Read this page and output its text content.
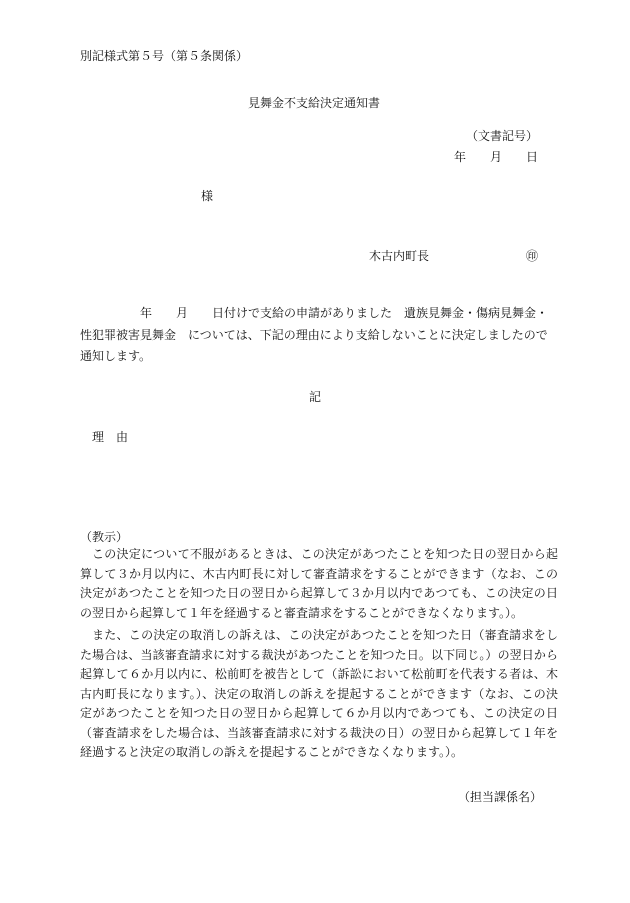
別記様式第５号（第５条関係）
見舞金不支給決定通知書
（文書記号）
年　　月　　日
様
木古内町長	㊞
年　　月　　日付けで支給の申請がありました　遺族見舞金・傷病見舞金・
性犯罪被害見舞金　については、下記の理由により支給しないことに決定しましたので
通知します。
記
理　由
（教示）
この決定について不服があるときは、この決定があつたことを知つた日の翌日から起算して３か月以内に、木古内町長に対して審査請求をすることができます（なお、この決定があつたことを知つた日の翌日から起算して３か月以内であつても、この決定の日の翌日から起算して１年を経過すると審査請求をすることができなくなります。）。
また、この決定の取消しの訴えは、この決定があつたことを知つた日（審査請求をした場合は、当該審査請求に対する裁決があつたことを知つた日。以下同じ。）の翌日から起算して６か月以内に、松前町を被告として（訴訟において松前町を代表する者は、木古内町長になります。）、決定の取消しの訴えを提起することができます（なお、この決定があつたことを知つた日の翌日から起算して６か月以内であつても、この決定の日（審査請求をした場合は、当該審査請求に対する裁決の日）の翌日から起算して１年を経過すると決定の取消しの訴えを提起することができなくなります。）。
（担当課係名）
